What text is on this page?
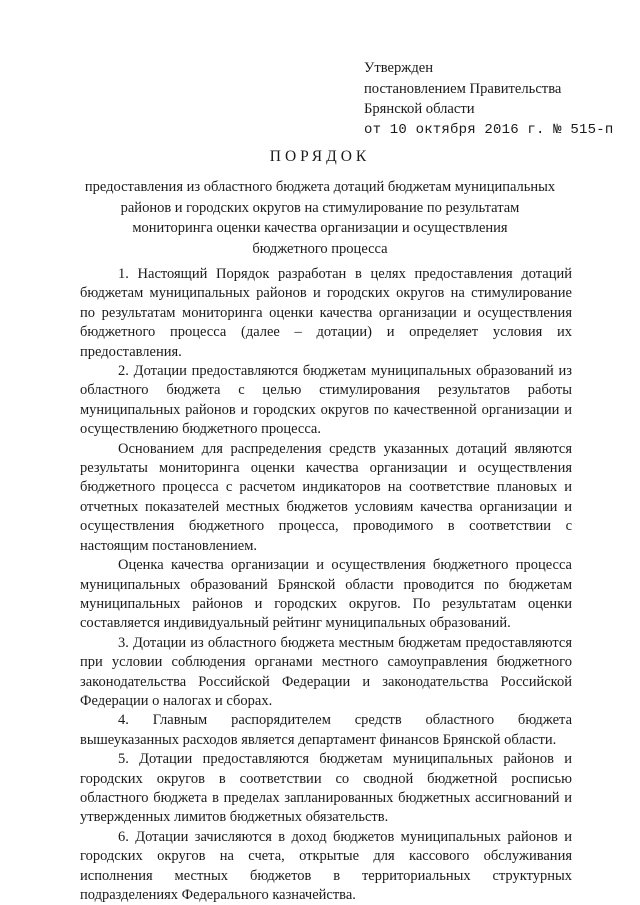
Утвержден
постановлением Правительства
Брянской области
от 10 октября 2016 г. № 515-п
ПОРЯДОК
предоставления из областного бюджета дотаций бюджетам муниципальных
районов и городских округов на стимулирование по результатам
мониторинга оценки качества организации и осуществления
бюджетного процесса

1. Настоящий Порядок разработан в целях предоставления дотаций бюджетам муниципальных районов и городских округов на стимулирование по результатам мониторинга оценки качества организации и осуществления бюджетного процесса (далее – дотации) и определяет условия их предоставления.

2. Дотации предоставляются бюджетам муниципальных образований из областного бюджета с целью стимулирования результатов работы муниципальных районов и городских округов по качественной организации и осуществлению бюджетного процесса.

Основанием для распределения средств указанных дотаций являются результаты мониторинга оценки качества организации и осуществления бюджетного процесса с расчетом индикаторов на соответствие плановых и отчетных показателей местных бюджетов условиям качества организации и осуществления бюджетного процесса, проводимого в соответствии с настоящим постановлением.

Оценка качества организации и осуществления бюджетного процесса муниципальных образований Брянской области проводится по бюджетам муниципальных районов и городских округов. По результатам оценки составляется индивидуальный рейтинг муниципальных образований.

3. Дотации из областного бюджета местным бюджетам предоставляются при условии соблюдения органами местного самоуправления бюджетного законодательства Российской Федерации и законодательства Российской Федерации о налогах и сборах.

4. Главным распорядителем средств областного бюджета вышеуказанных расходов является департамент финансов Брянской области.

5. Дотации предоставляются бюджетам муниципальных районов и городских округов в соответствии со сводной бюджетной росписью областного бюджета в пределах запланированных бюджетных ассигнований и утвержденных лимитов бюджетных обязательств.

6. Дотации зачисляются в доход бюджетов муниципальных районов и городских округов на счета, открытые для кассового обслуживания исполнения местных бюджетов в территориальных структурных подразделениях Федерального казначейства.
